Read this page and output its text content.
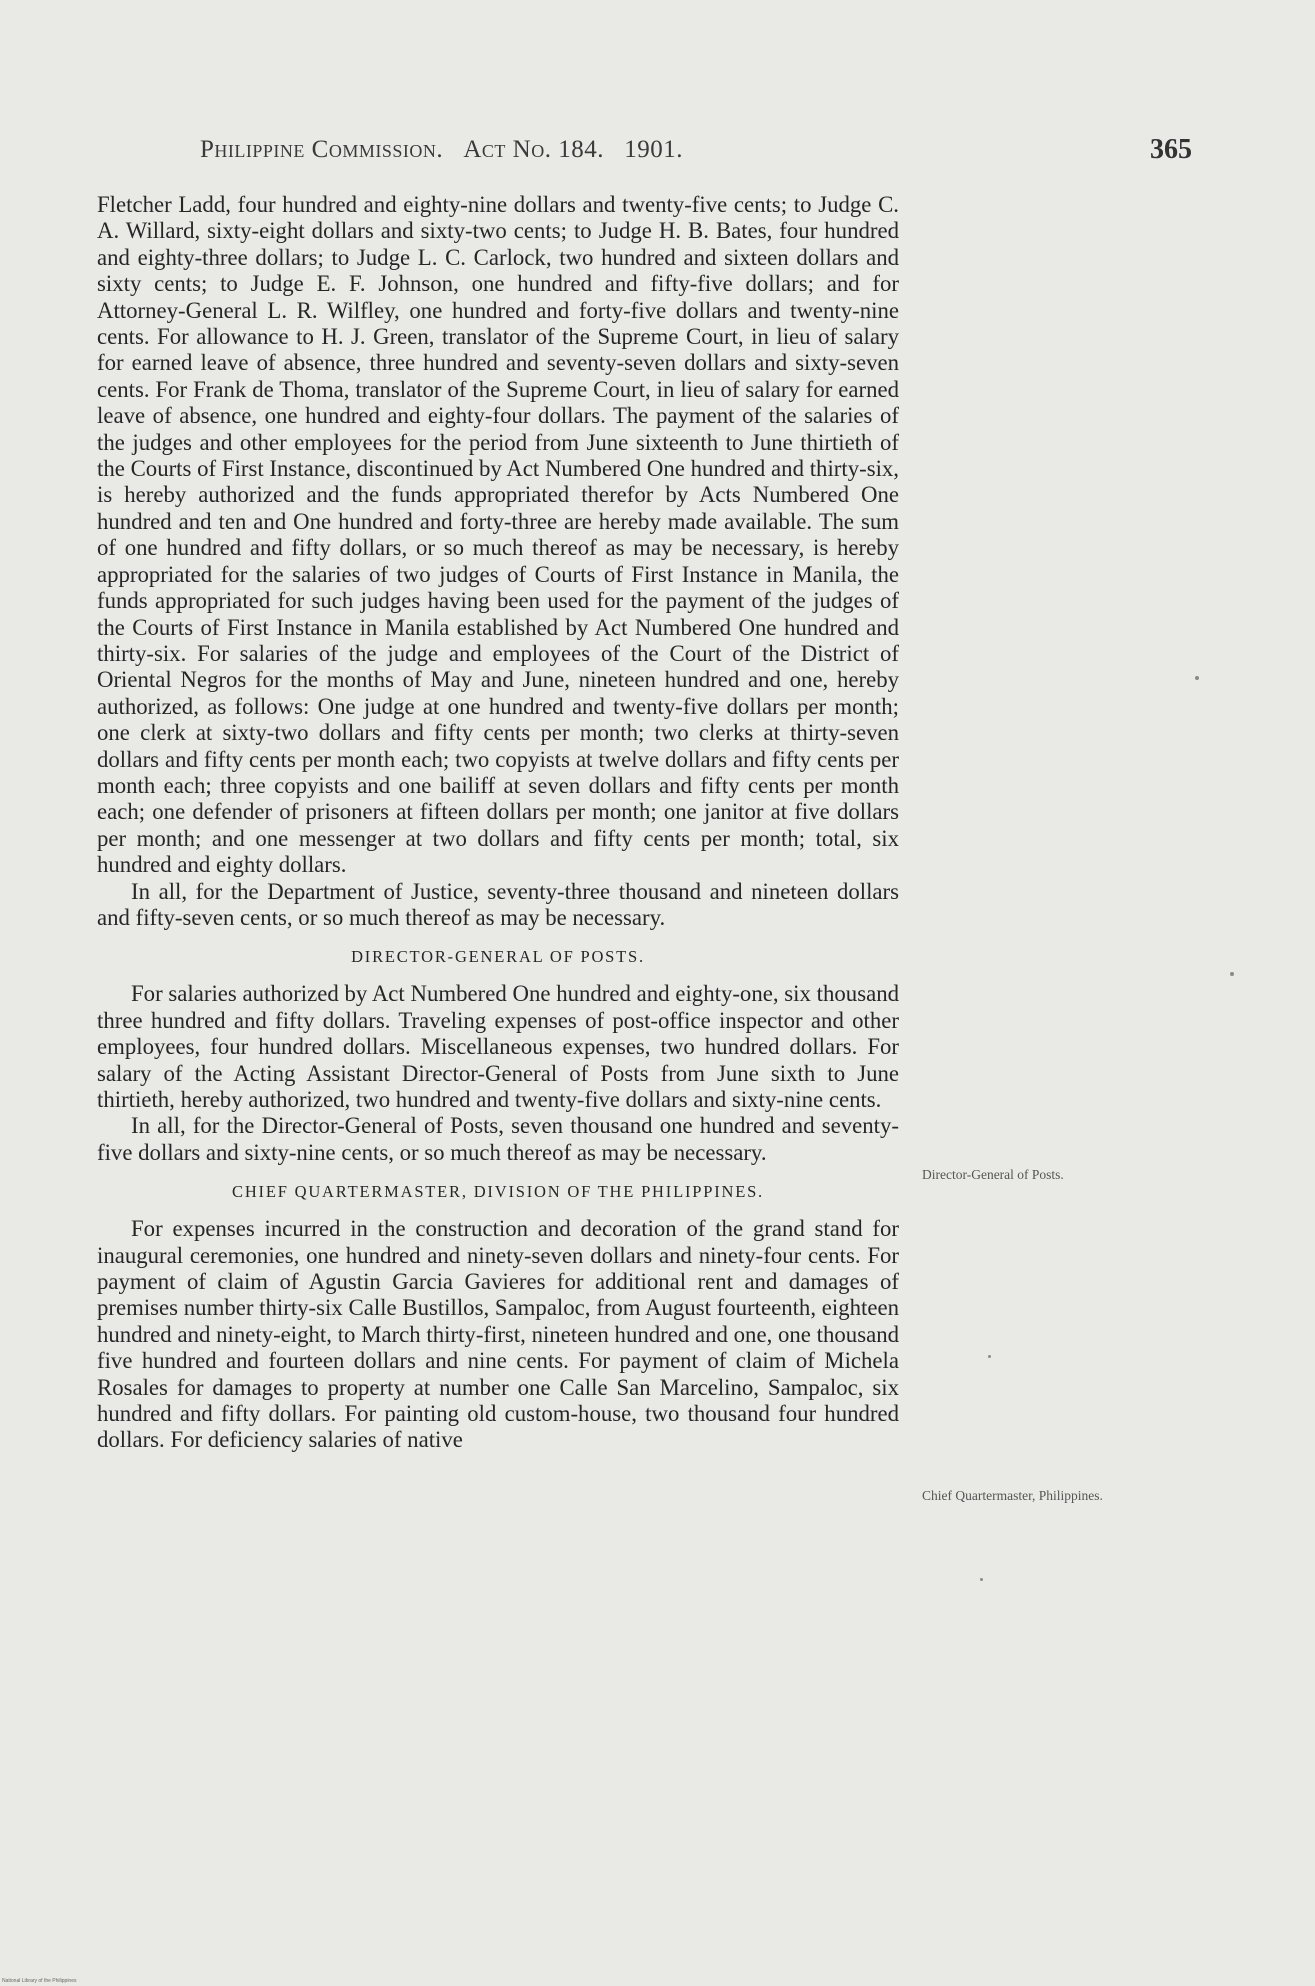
Philippine Commission. Act No. 184. 1901.	365

Fletcher Ladd, four hundred and eighty-nine dollars and twenty-five cents; to Judge C. A. Willard, sixty-eight dollars and sixty-two cents; to Judge H. B. Bates, four hundred and eighty-three dollars; to Judge L. C. Carlock, two hundred and sixteen dollars and sixty cents; to Judge E. F. Johnson, one hundred and fifty-five dollars; and for Attorney-General L. R. Wilfley, one hundred and forty-five dollars and twenty-nine cents. For allowance to H. J. Green, translator of the Supreme Court, in lieu of salary for earned leave of absence, three hundred and seventy-seven dollars and sixty-seven cents. For Frank de Thoma, translator of the Supreme Court, in lieu of salary for earned leave of absence, one hundred and eighty-four dollars. The payment of the salaries of the judges and other employees for the period from June sixteenth to June thirtieth of the Courts of First Instance, discontinued by Act Numbered One hundred and thirty-six, is hereby authorized and the funds appropriated therefor by Acts Numbered One hundred and ten and One hundred and forty-three are hereby made available. The sum of one hundred and fifty dollars, or so much thereof as may be necessary, is hereby appropriated for the salaries of two judges of Courts of First Instance in Manila, the funds appropriated for such judges having been used for the payment of the judges of the Courts of First Instance in Manila established by Act Numbered One hundred and thirty-six. For salaries of the judge and employees of the Court of the District of Oriental Negros for the months of May and June, nineteen hundred and one, hereby authorized, as follows: One judge at one hundred and twenty-five dollars per month; one clerk at sixty-two dollars and fifty cents per month; two clerks at thirty-seven dollars and fifty cents per month each; two copyists at twelve dollars and fifty cents per month each; three copyists and one bailiff at seven dollars and fifty cents per month each; one defender of prisoners at fifteen dollars per month; one janitor at five dollars per month; and one messenger at two dollars and fifty cents per month; total, six hundred and eighty dollars.

In all, for the Department of Justice, seventy-three thousand and nineteen dollars and fifty-seven cents, or so much thereof as may be necessary.

DIRECTOR-GENERAL OF POSTS.

For salaries authorized by Act Numbered One hundred and eighty-one, six thousand three hundred and fifty dollars. Traveling expenses of post-office inspector and other employees, four hundred dollars. Miscellaneous expenses, two hundred dollars. For salary of the Acting Assistant Director-General of Posts from June sixth to June thirtieth, hereby authorized, two hundred and twenty-five dollars and sixty-nine cents.

In all, for the Director-General of Posts, seven thousand one hundred and seventy-five dollars and sixty-nine cents, or so much thereof as may be necessary.

CHIEF QUARTERMASTER, DIVISION OF THE PHILIPPINES.

For expenses incurred in the construction and decoration of the grand stand for inaugural ceremonies, one hundred and ninety-seven dollars and ninety-four cents. For payment of claim of Agustin Garcia Gavieres for additional rent and damages of premises number thirty-six Calle Bustillos, Sampaloc, from August fourteenth, eighteen hundred and ninety-eight, to March thirty-first, nineteen hundred and one, one thousand five hundred and fourteen dollars and nine cents. For payment of claim of Michela Rosales for damages to property at number one Calle San Marcelino, Sampaloc, six hundred and fifty dollars. For painting old custom-house, two thousand four hundred dollars. For deficiency salaries of native

Director-General of Posts.
Chief Quartermaster, Philippines.
National Library of the Philippines
